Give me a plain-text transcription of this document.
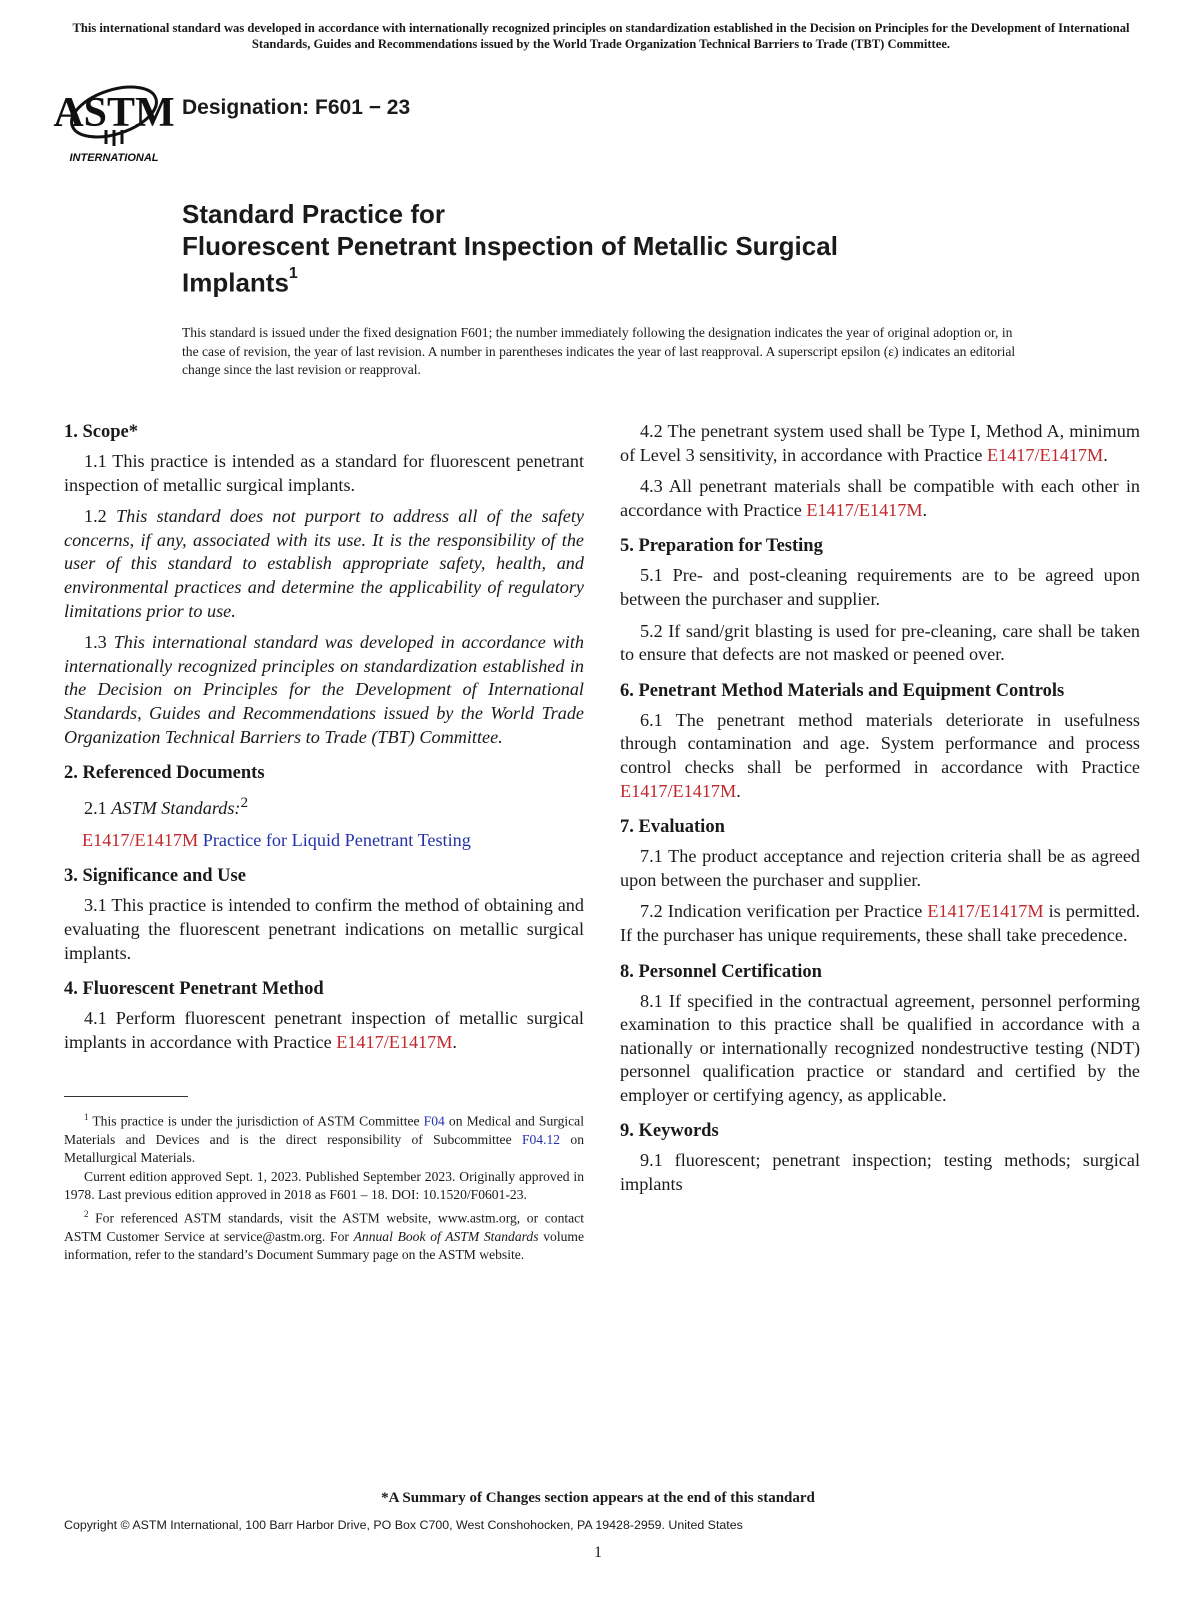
This international standard was developed in accordance with internationally recognized principles on standardization established in the Decision on Principles for the Development of International Standards, Guides and Recommendations issued by the World Trade Organization Technical Barriers to Trade (TBT) Committee.
ASTM
INTERNATIONAL
Designation: F601 − 23
Standard Practice for
Fluorescent Penetrant Inspection of Metallic Surgical
Implants$^1$
This standard is issued under the fixed designation F601; the number immediately following the designation indicates the year of original adoption or, in the case of revision, the year of last revision. A number in parentheses indicates the year of last reapproval. A superscript epsilon (ε) indicates an editorial change since the last revision or reapproval.
1. Scope*

1.1 This practice is intended as a standard for fluorescent penetrant inspection of metallic surgical implants.

1.2 This standard does not purport to address all of the safety concerns, if any, associated with its use. It is the responsibility of the user of this standard to establish appropriate safety, health, and environmental practices and determine the applicability of regulatory limitations prior to use.

1.3 This international standard was developed in accordance with internationally recognized principles on standardization established in the Decision on Principles for the Development of International Standards, Guides and Recommendations issued by the World Trade Organization Technical Barriers to Trade (TBT) Committee.

2. Referenced Documents

2.1 ASTM Standards:$^2$

E1417/E1417M Practice for Liquid Penetrant Testing

3. Significance and Use

3.1 This practice is intended to confirm the method of obtaining and evaluating the fluorescent penetrant indications on metallic surgical implants.

4. Fluorescent Penetrant Method

4.1 Perform fluorescent penetrant inspection of metallic surgical implants in accordance with Practice E1417/E1417M.

$^1$ This practice is under the jurisdiction of ASTM Committee F04 on Medical and Surgical Materials and Devices and is the direct responsibility of Subcommittee F04.12 on Metallurgical Materials.

Current edition approved Sept. 1, 2023. Published September 2023. Originally approved in 1978. Last previous edition approved in 2018 as F601 – 18. DOI: 10.1520/F0601-23.

$^2$ For referenced ASTM standards, visit the ASTM website, www.astm.org, or contact ASTM Customer Service at service@astm.org. For Annual Book of ASTM Standards volume information, refer to the standard’s Document Summary page on the ASTM website.

4.2 The penetrant system used shall be Type I, Method A, minimum of Level 3 sensitivity, in accordance with Practice E1417/E1417M.

4.3 All penetrant materials shall be compatible with each other in accordance with Practice E1417/E1417M.

5. Preparation for Testing

5.1 Pre- and post-cleaning requirements are to be agreed upon between the purchaser and supplier.

5.2 If sand/grit blasting is used for pre-cleaning, care shall be taken to ensure that defects are not masked or peened over.

6. Penetrant Method Materials and Equipment Controls

6.1 The penetrant method materials deteriorate in usefulness through contamination and age. System performance and process control checks shall be performed in accordance with Practice E1417/E1417M.

7. Evaluation

7.1 The product acceptance and rejection criteria shall be as agreed upon between the purchaser and supplier.

7.2 Indication verification per Practice E1417/E1417M is permitted. If the purchaser has unique requirements, these shall take precedence.

8. Personnel Certification

8.1 If specified in the contractual agreement, personnel performing examination to this practice shall be qualified in accordance with a nationally or internationally recognized nondestructive testing (NDT) personnel qualification practice or standard and certified by the employer or certifying agency, as applicable.

9. Keywords

9.1 fluorescent; penetrant inspection; testing methods; surgical implants

*A Summary of Changes section appears at the end of this standard
Copyright © ASTM International, 100 Barr Harbor Drive, PO Box C700, West Conshohocken, PA 19428-2959. United States
1
